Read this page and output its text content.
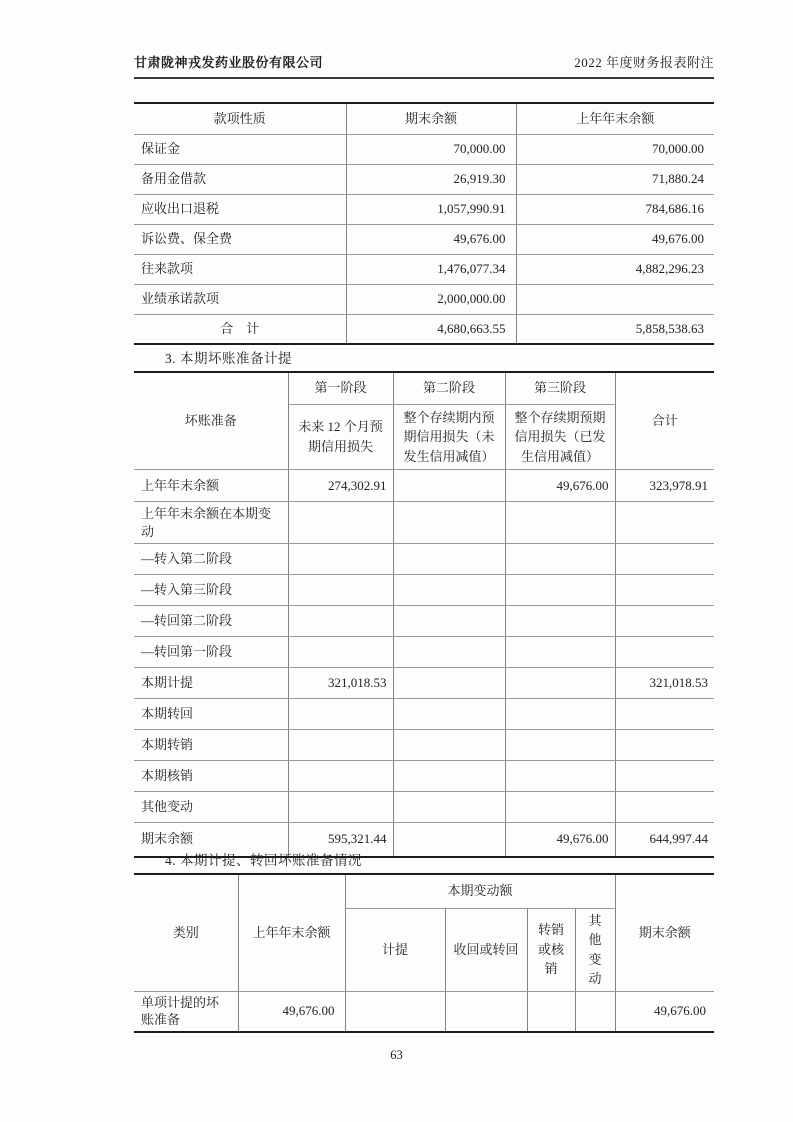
甘肃陇神戎发药业股份有限公司	2022 年度财务报表附注
款项性质	期末余额	上年年末余额
保证金	70,000.00	70,000.00
备用金借款	26,919.30	71,880.24
应收出口退税	1,057,990.91	784,686.16
诉讼费、保全费	49,676.00	49,676.00
往来款项	1,476,077.34	4,882,296.23
业绩承诺款项	2,000,000.00	
合　计	4,680,663.55	5,858,538.63
3. 本期坏账准备计提
坏账准备	第一阶段	第二阶段	第三阶段	合计
	未来 12 个月预期信用损失	整个存续期内预期信用损失（未发生信用减值）	整个存续期预期信用损失（已发生信用减值）	
上年年末余额	274,302.91		49,676.00	323,978.91
上年年末余额在本期变动				
—转入第二阶段				
—转入第三阶段				
—转回第二阶段				
—转回第一阶段				
本期计提	321,018.53			321,018.53
本期转回				
本期转销				
本期核销				
其他变动				
期末余额	595,321.44		49,676.00	644,997.44
4. 本期计提、转回坏账准备情况
类别	上年年末余额	本期变动额				期末余额
		计提	收回或转回	转销或核销	其他变动	

单项计提的坏账准备	49,676.00					49,676.00
63
